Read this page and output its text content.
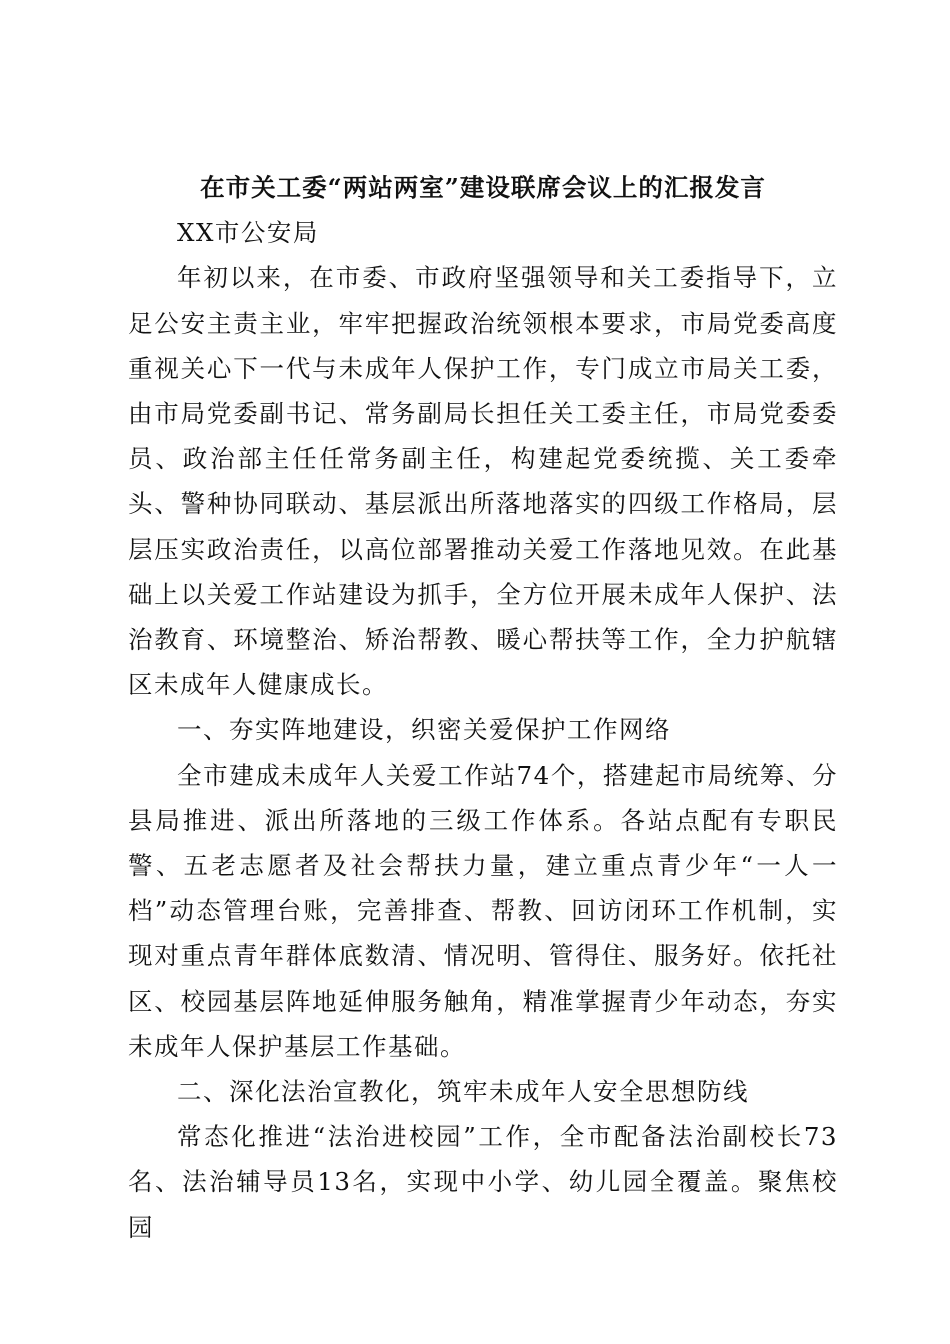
在市关工委“两站两室”建设联席会议上的汇报发言

XX市公安局

年初以来，在市委、市政府坚强领导和关工委指导下，立足公安主责主业，牢牢把握政治统领根本要求，市局党委高度重视关心下一代与未成年人保护工作，专门成立市局关工委，由市局党委副书记、常务副局长担任关工委主任，市局党委委员、政治部主任任常务副主任，构建起党委统揽、关工委牵头、警种协同联动、基层派出所落地落实的四级工作格局，层层压实政治责任，以高位部署推动关爱工作落地见效。在此基础上以关爱工作站建设为抓手，全方位开展未成年人保护、法治教育、环境整治、矫治帮教、暖心帮扶等工作，全力护航辖区未成年人健康成长。

一、夯实阵地建设，织密关爱保护工作网络

全市建成未成年人关爱工作站74个，搭建起市局统筹、分县局推进、派出所落地的三级工作体系。各站点配有专职民警、五老志愿者及社会帮扶力量，建立重点青少年“一人一档”动态管理台账，完善排查、帮教、回访闭环工作机制，实现对重点青年群体底数清、情况明、管得住、服务好。依托社区、校园基层阵地延伸服务触角，精准掌握青少年动态，夯实未成年人保护基层工作基础。

二、深化法治宣教化，筑牢未成年人安全思想防线

常态化推进“法治进校园”工作，全市配备法治副校长73名、法治辅导员13名，实现中小学、幼儿园全覆盖。聚焦校园
